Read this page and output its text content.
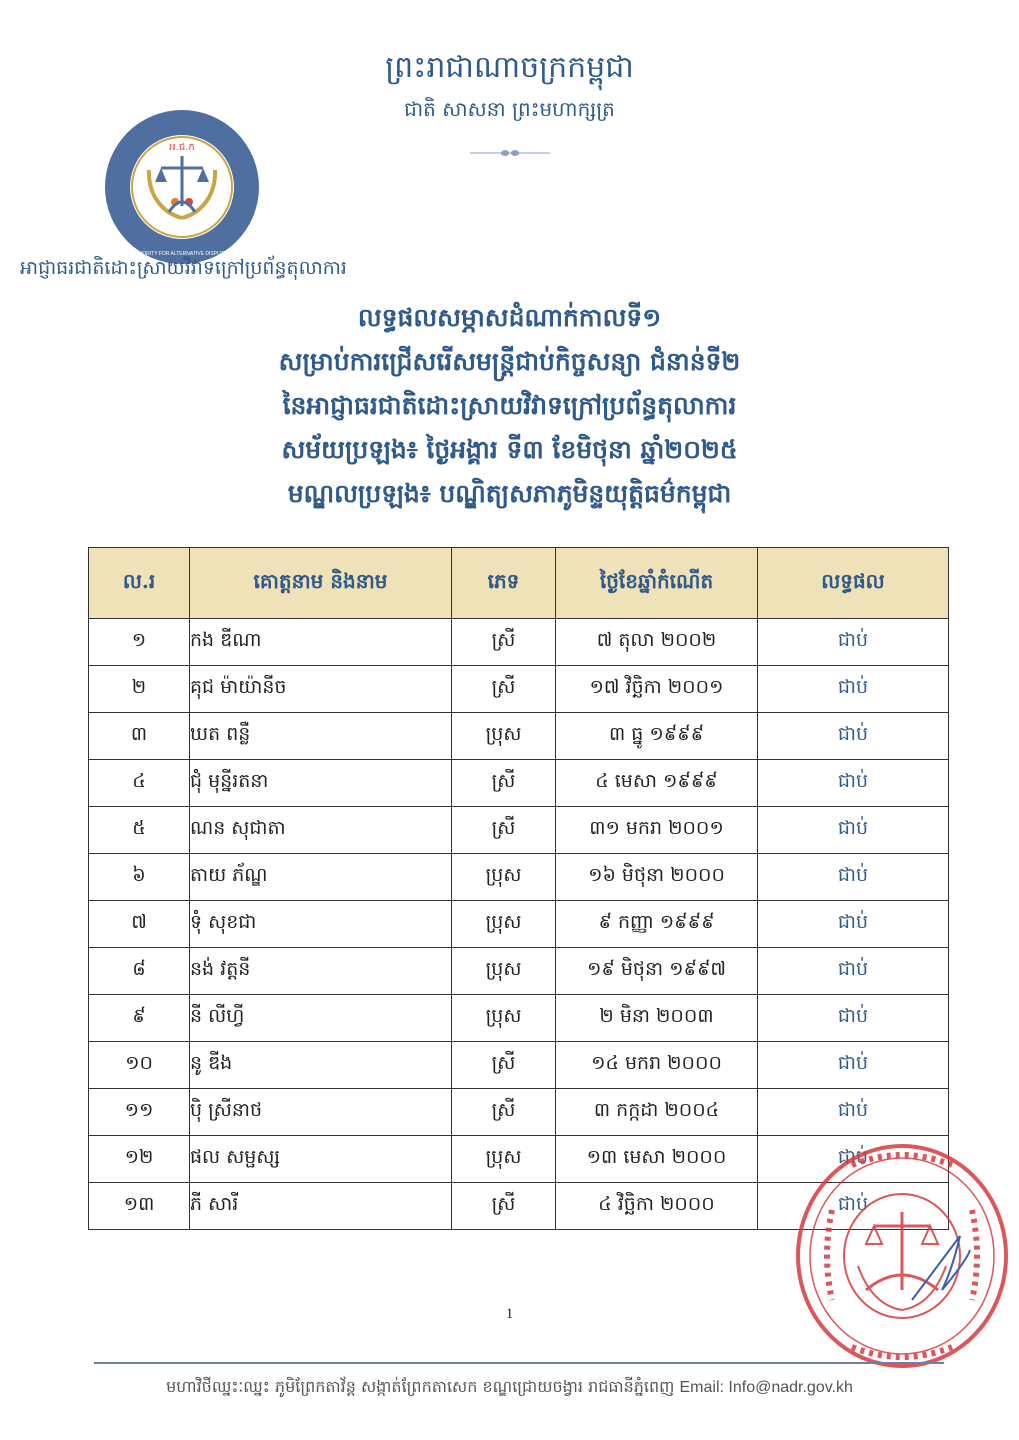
ព្រះរាជាណាចក្រកម្ពុជា
ជាតិ សាសនា ព្រះមហាក្សត្រ
អ.ជ.ក
NATIONAL AUTHORITY FOR ALTERNATIVE DISPUTE RESOLUTION
អាជ្ញាធរជាតិដោះស្រាយវិវាទក្រៅប្រព័ន្ធតុលាការ
លទ្ធផលសម្ភាសដំណាក់កាលទី១
សម្រាប់ការជ្រើសរើសមន្ត្រីជាប់កិច្ចសន្យា ជំនាន់ទី២
នៃអាជ្ញាធរជាតិដោះស្រាយវិវាទក្រៅប្រព័ន្ធតុលាការ
សម័យប្រឡង៖ ថ្ងៃអង្គារ ទី៣ ខែមិថុនា ឆ្នាំ២០២៥
មណ្ឌលប្រឡង៖ បណ្ឌិត្យសភាភូមិន្ទយុត្តិធម៌កម្ពុជា
ល.រ	គោត្តនាម និងនាម	ភេទ	ថ្ងៃខែឆ្នាំកំណើត	លទ្ធផល
១	កង ឌីណា	ស្រី	៧ តុលា ២០០២	ជាប់
២	គុជ ម៉ាយ៉ានីច	ស្រី	១៧ វិច្ឆិកា ២០០១	ជាប់
៣	ឃត ពន្លឺ	ប្រុស	៣ ធ្នូ ១៩៩៩	ជាប់
៤	ជុំ មុន្នីរតនា	ស្រី	៤ មេសា ១៩៩៩	ជាប់
៥	ណន សុជាតា	ស្រី	៣១ មករា ២០០១	ជាប់
៦	តាយ ភ័ណ្ឌ	ប្រុស	១៦ មិថុនា ២០០០	ជាប់
៧	ទុំ សុខជា	ប្រុស	៩ កញ្ញា ១៩៩៩	ជាប់
៨	នង់ វត្តនី	ប្រុស	១៩ មិថុនា ១៩៩៧	ជាប់
៩	នី លីហ្វី	ប្រុស	២ មិនា ២០០៣	ជាប់
១០	នូ ឌីង	ស្រី	១៤ មករា ២០០០	ជាប់
១១	ប៉ិ ស្រីនាថ	ស្រី	៣ កក្កដា ២០០៤	ជាប់
១២	ផល សម្ផស្ស	ប្រុស	១៣ មេសា ២០០០	ជាប់
១៣	ភី សារី	ស្រី	៤ វិច្ឆិកា ២០០០	ជាប់
1
មហាវិថីឈ្នះៈឈ្នះ ភូមិព្រែកតាវ័ន្ត សង្កាត់ព្រែកតាសេក ខណ្ឌជ្រោយចង្វារ រាជធានីភ្នំពេញ Email: Info@nadr.gov.kh
